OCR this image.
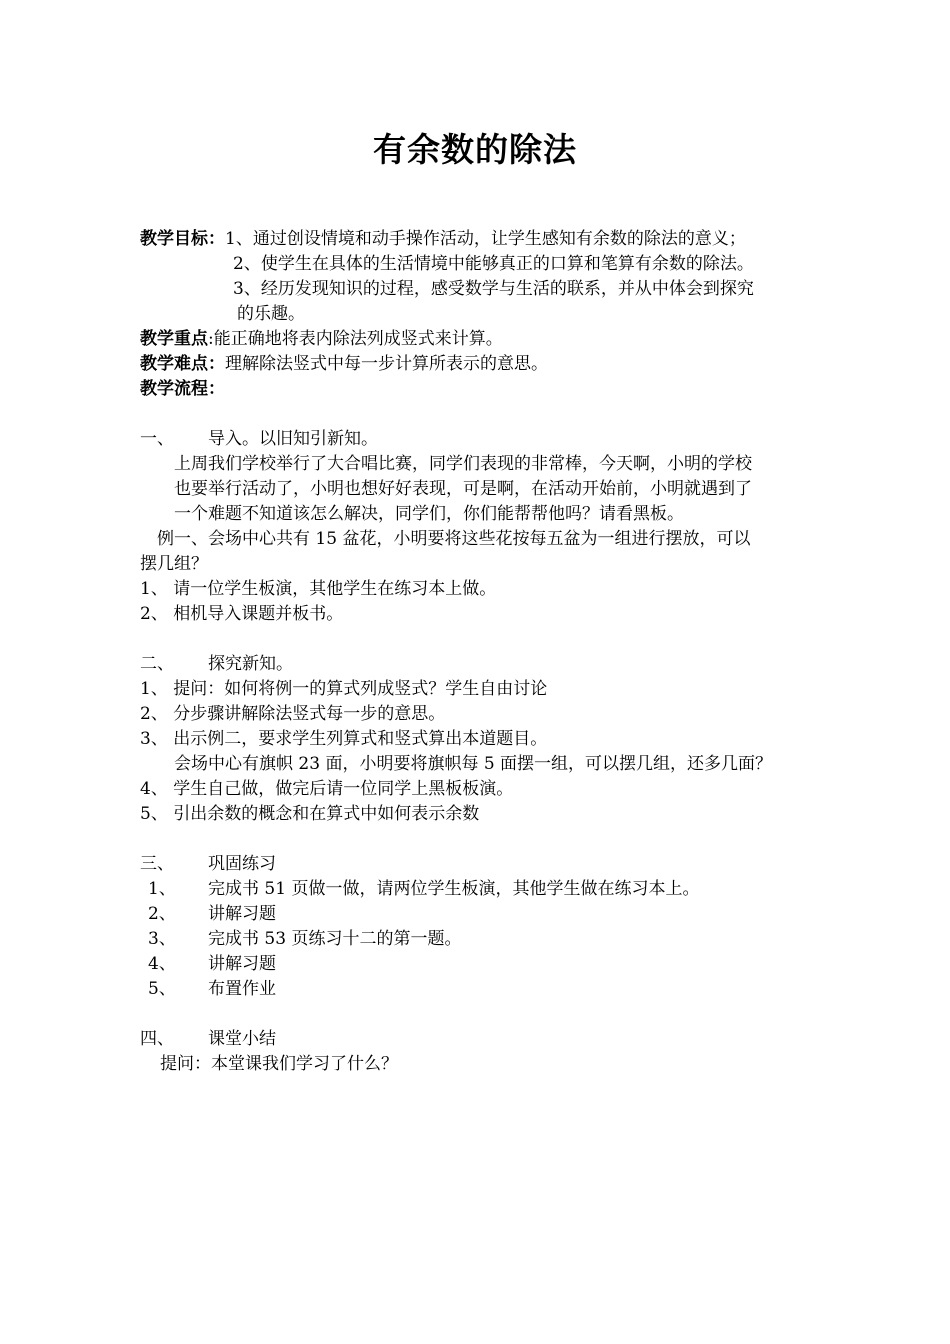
有余数的除法
教学目标：1、通过创设情境和动手操作活动，让学生感知有余数的除法的意义；
2、使学生在具体的生活情境中能够真正的口算和笔算有余数的除法。
3、经历发现知识的过程，感受数学与生活的联系，并从中体会到探究
的乐趣。
教学重点:能正确地将表内除法列成竖式来计算。
教学难点：理解除法竖式中每一步计算所表示的意思。
教学流程：
一、 导入。以旧知引新知。
上周我们学校举行了大合唱比赛，同学们表现的非常棒，今天啊，小明的学校
也要举行活动了，小明也想好好表现，可是啊，在活动开始前，小明就遇到了
一个难题不知道该怎么解决，同学们，你们能帮帮他吗？请看黑板。
例一、会场中心共有 15 盆花，小明要将这些花按每五盆为一组进行摆放，可以
摆几组？
1、 请一位学生板演，其他学生在练习本上做。
2、 相机导入课题并板书。
二、 探究新知。
1、 提问：如何将例一的算式列成竖式？学生自由讨论
2、 分步骤讲解除法竖式每一步的意思。
3、 出示例二，要求学生列算式和竖式算出本道题目。
会场中心有旗帜 23 面，小明要将旗帜每 5 面摆一组，可以摆几组，还多几面？
4、 学生自己做，做完后请一位同学上黑板板演。
5、 引出余数的概念和在算式中如何表示余数
三、 巩固练习
1、 完成书 51 页做一做，请两位学生板演，其他学生做在练习本上。
2、 讲解习题
3、 完成书 53 页练习十二的第一题。
4、 讲解习题
5、 布置作业
四、 课堂小结
提问：本堂课我们学习了什么？
